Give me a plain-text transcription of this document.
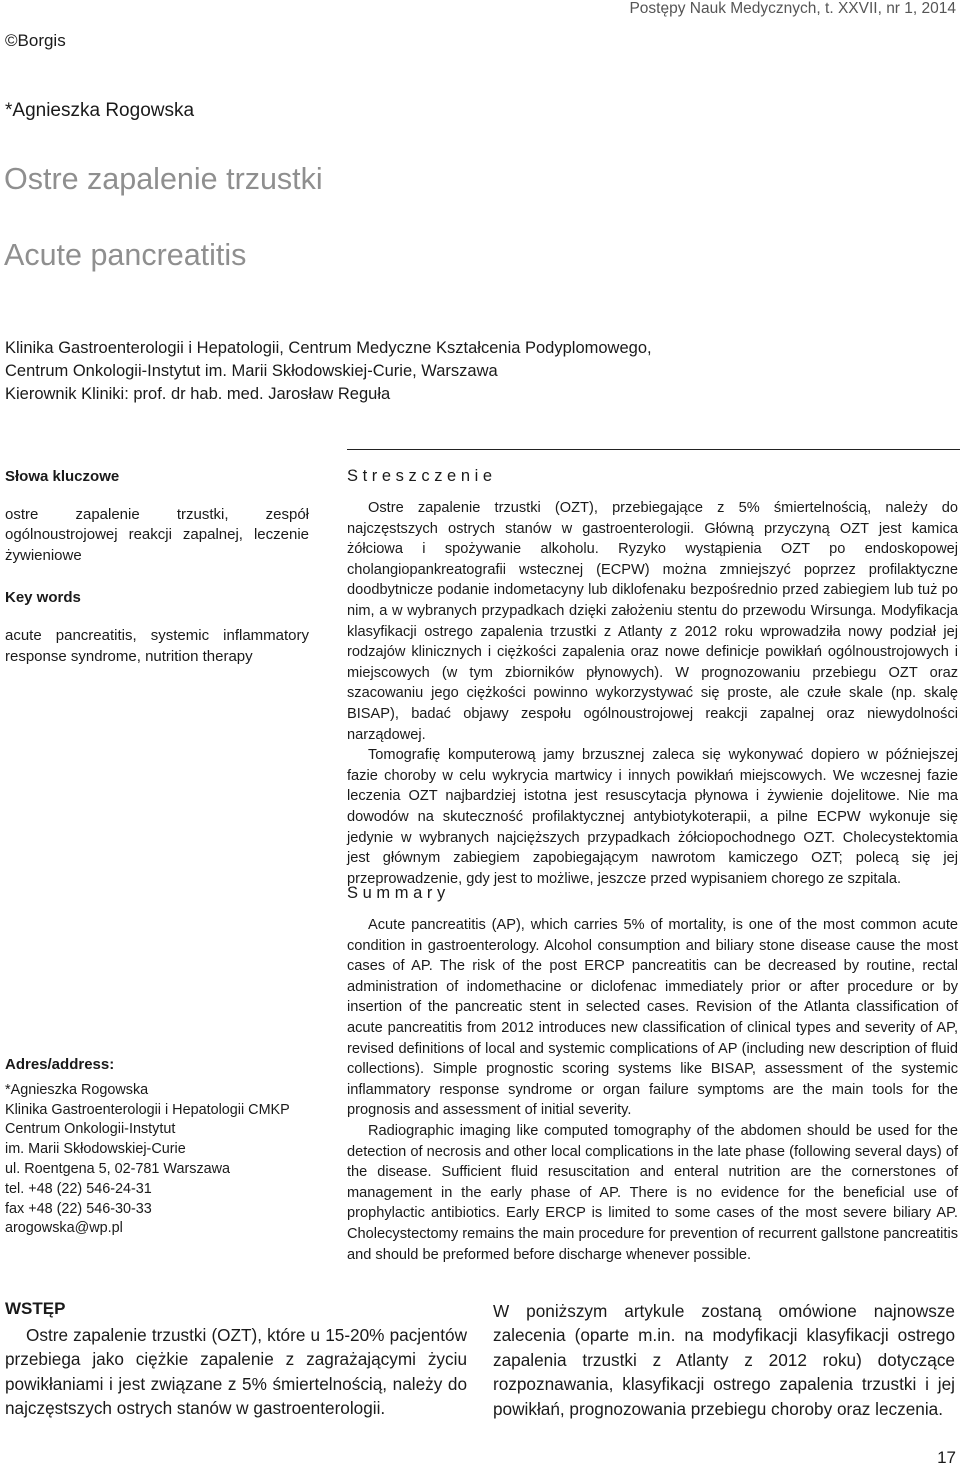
Postępy Nauk Medycznych, t. XXVII, nr 1, 2014
©Borgis
*Agnieszka Rogowska
Ostre zapalenie trzustki
Acute pancreatitis
Klinika Gastroenterologii i Hepatologii, Centrum Medyczne Kształcenia Podyplomowego,
Centrum Onkologii-Instytut im. Marii Skłodowskiej-Curie, Warszawa
Kierownik Kliniki: prof. dr hab. med. Jarosław Reguła
Słowa kluczowe
ostre zapalenie trzustki, zespół ogólnoustrojowej reakcji zapalnej, leczenie żywieniowe
Key words
acute pancreatitis, systemic inflammatory response syndrome, nutrition therapy
Streszczenie

Ostre zapalenie trzustki (OZT), przebiegające z 5% śmiertelnością, należy do najczęstszych ostrych stanów w gastroenterologii. Główną przyczyną OZT jest kamica żółciowa i spożywanie alkoholu. Ryzyko wystąpienia OZT po endoskopowej cholangiopankreatografii wstecznej (ECPW) można zmniejszyć poprzez profilaktyczne doodbytnicze podanie indometacyny lub diklofenaku bezpośrednio przed zabiegiem lub tuż po nim, a w wybranych przypadkach dzięki założeniu stentu do przewodu Wirsunga. Modyfikacja klasyfikacji ostrego zapalenia trzustki z Atlanty z 2012 roku wprowadziła nowy podział jej rodzajów klinicznych i ciężkości zapalenia oraz nowe definicje powikłań ogólnoustrojowych i miejscowych (w tym zbiorników płynowych). W prognozowaniu przebiegu OZT oraz szacowaniu jego ciężkości powinno wykorzystywać się proste, ale czułe skale (np. skalę BISAP), badać objawy zespołu ogólnoustrojowej reakcji zapalnej oraz niewydolności narządowej.

Tomografię komputerową jamy brzusznej zaleca się wykonywać dopiero w późniejszej fazie choroby w celu wykrycia martwicy i innych powikłań miejscowych. We wczesnej fazie leczenia OZT najbardziej istotna jest resuscytacja płynowa i żywienie dojelitowe. Nie ma dowodów na skuteczność profilaktycznej antybiotykoterapii, a pilne ECPW wykonuje się jedynie w wybranych najcięższych przypadkach żółciopochodnego OZT. Cholecystektomia jest głównym zabiegiem zapobiegającym nawrotom kamiczego OZT; polecą się jej przeprowadzenie, gdy jest to możliwe, jeszcze przed wypisaniem chorego ze szpitala.

Summary

Acute pancreatitis (AP), which carries 5% of mortality, is one of the most common acute condition in gastroenterology. Alcohol consumption and biliary stone disease cause the most cases of AP. The risk of the post ERCP pancreatitis can be decreased by routine, rectal administration of indomethacine or diclofenac immediately prior or after procedure or by insertion of the pancreatic stent in selected cases. Revision of the Atlanta classification of acute pancreatitis from 2012 introduces new classification of clinical types and severity of AP, revised definitions of local and systemic complications of AP (including new description of fluid collections). Simple prognostic scoring systems like BISAP, assessment of the systemic inflammatory response syndrome or organ failure symptoms are the main tools for the prognosis and assessment of initial severity.

Radiographic imaging like computed tomography of the abdomen should be used for the detection of necrosis and other local complications in the late phase (following several days) of the disease. Sufficient fluid resuscitation and enteral nutrition are the cornerstones of management in the early phase of AP. There is no evidence for the beneficial use of prophylactic antibiotics. Early ERCP is limited to some cases of the most severe biliary AP. Cholecystectomy remains the main procedure for prevention of recurrent gallstone pancreatitis and should be preformed before discharge whenever possible.

Adres/address:
*Agnieszka Rogowska
Klinika Gastroenterologii i Hepatologii CMKP
Centrum Onkologii-Instytut
im. Marii Skłodowskiej-Curie
ul. Roentgena 5, 02-781 Warszawa
tel. +48 (22) 546-24-31
fax +48 (22) 546-30-33
arogowska@wp.pl
WSTĘP
Ostre zapalenie trzustki (OZT), które u 15-20% pacjentów przebiega jako ciężkie zapalenie z zagrażającymi życiu powikłaniami i jest związane z 5% śmiertelnością, należy do najczęstszych ostrych stanów w gastroenterologii.
W poniższym artykule zostaną omówione najnowsze zalecenia (oparte m.in. na modyfikacji klasyfikacji ostrego zapalenia trzustki z Atlanty z 2012 roku) dotyczące rozpoznawania, klasyfikacji ostrego zapalenia trzustki i jej powikłań, prognozowania przebiegu choroby oraz leczenia.
17
